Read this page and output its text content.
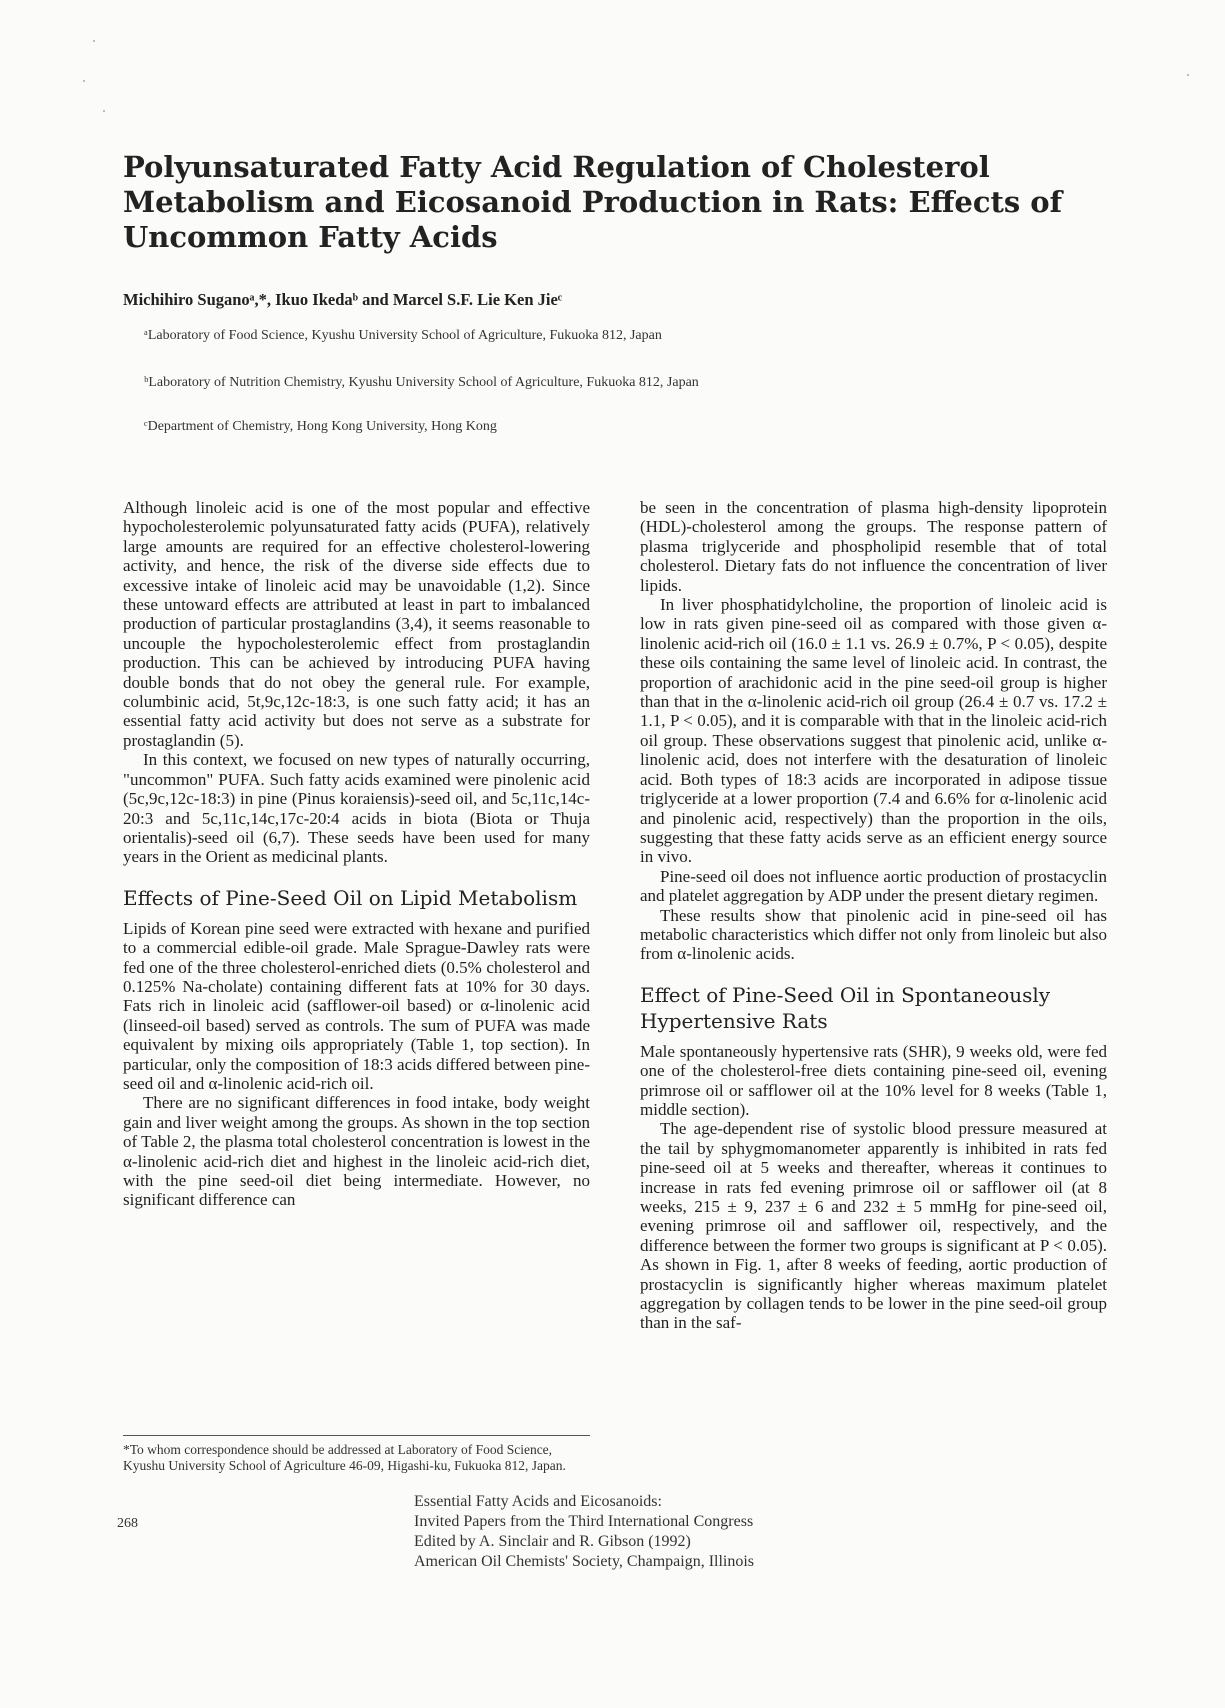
Polyunsaturated Fatty Acid Regulation of Cholesterol Metabolism and Eicosanoid Production in Rats: Effects of Uncommon Fatty Acids
Michihiro Suganoᵃ,*, Ikuo Ikedaᵇ and Marcel S.F. Lie Ken Jieᶜ
ᵃLaboratory of Food Science, Kyushu University School of Agriculture, Fukuoka 812, Japan
ᵇLaboratory of Nutrition Chemistry, Kyushu University School of Agriculture, Fukuoka 812, Japan
ᶜDepartment of Chemistry, Hong Kong University, Hong Kong

Although linoleic acid is one of the most popular and effective hypocholesterolemic polyunsaturated fatty acids (PUFA), relatively large amounts are required for an effective cholesterol-lowering activity, and hence, the risk of the diverse side effects due to excessive intake of linoleic acid may be unavoidable (1,2). Since these untoward effects are attributed at least in part to imbalanced production of particular prostaglandins (3,4), it seems reasonable to uncouple the hypocholesterolemic effect from prostaglandin production. This can be achieved by introducing PUFA having double bonds that do not obey the general rule. For example, columbinic acid, 5t,9c,12c-18:3, is one such fatty acid; it has an essential fatty acid activity but does not serve as a substrate for prostaglandin (5).

In this context, we focused on new types of naturally occurring, "uncommon" PUFA. Such fatty acids examined were pinolenic acid (5c,9c,12c-18:3) in pine (Pinus koraiensis)-seed oil, and 5c,11c,14c-20:3 and 5c,11c,14c,17c-20:4 acids in biota (Biota or Thuja orientalis)-seed oil (6,7). These seeds have been used for many years in the Orient as medicinal plants.

Effects of Pine-Seed Oil on Lipid Metabolism

Lipids of Korean pine seed were extracted with hexane and purified to a commercial edible-oil grade. Male Sprague-Dawley rats were fed one of the three cholesterol-enriched diets (0.5% cholesterol and 0.125% Na-cholate) containing different fats at 10% for 30 days. Fats rich in linoleic acid (safflower-oil based) or α-linolenic acid (linseed-oil based) served as controls. The sum of PUFA was made equivalent by mixing oils appropriately (Table 1, top section). In particular, only the composition of 18:3 acids differed between pine-seed oil and α-linolenic acid-rich oil.

There are no significant differences in food intake, body weight gain and liver weight among the groups. As shown in the top section of Table 2, the plasma total cholesterol concentration is lowest in the α-linolenic acid-rich diet and highest in the linoleic acid-rich diet, with the pine seed-oil diet being intermediate. However, no significant difference can

be seen in the concentration of plasma high-density lipoprotein (HDL)-cholesterol among the groups. The response pattern of plasma triglyceride and phospholipid resemble that of total cholesterol. Dietary fats do not influence the concentration of liver lipids.

In liver phosphatidylcholine, the proportion of linoleic acid is low in rats given pine-seed oil as compared with those given α-linolenic acid-rich oil (16.0 ± 1.1 vs. 26.9 ± 0.7%, P < 0.05), despite these oils containing the same level of linoleic acid. In contrast, the proportion of arachidonic acid in the pine seed-oil group is higher than that in the α-linolenic acid-rich oil group (26.4 ± 0.7 vs. 17.2 ± 1.1, P < 0.05), and it is comparable with that in the linoleic acid-rich oil group. These observations suggest that pinolenic acid, unlike α-linolenic acid, does not interfere with the desaturation of linoleic acid. Both types of 18:3 acids are incorporated in adipose tissue triglyceride at a lower proportion (7.4 and 6.6% for α-linolenic acid and pinolenic acid, respectively) than the proportion in the oils, suggesting that these fatty acids serve as an efficient energy source in vivo.

Pine-seed oil does not influence aortic production of prostacyclin and platelet aggregation by ADP under the present dietary regimen.

These results show that pinolenic acid in pine-seed oil has metabolic characteristics which differ not only from linoleic but also from α-linolenic acids.

Effect of Pine-Seed Oil in Spontaneously Hypertensive Rats

Male spontaneously hypertensive rats (SHR), 9 weeks old, were fed one of the cholesterol-free diets containing pine-seed oil, evening primrose oil or safflower oil at the 10% level for 8 weeks (Table 1, middle section).

The age-dependent rise of systolic blood pressure measured at the tail by sphygmomanometer apparently is inhibited in rats fed pine-seed oil at 5 weeks and thereafter, whereas it continues to increase in rats fed evening primrose oil or safflower oil (at 8 weeks, 215 ± 9, 237 ± 6 and 232 ± 5 mmHg for pine-seed oil, evening primrose oil and safflower oil, respectively, and the difference between the former two groups is significant at P < 0.05). As shown in Fig. 1, after 8 weeks of feeding, aortic production of prostacyclin is significantly higher whereas maximum platelet aggregation by collagen tends to be lower in the pine seed-oil group than in the saf-

*To whom correspondence should be addressed at Laboratory of Food Science, Kyushu University School of Agriculture 46-09, Higashi-ku, Fukuoka 812, Japan.
268
Essential Fatty Acids and Eicosanoids:
Invited Papers from the Third International Congress
Edited by A. Sinclair and R. Gibson (1992)
American Oil Chemists' Society, Champaign, Illinois
